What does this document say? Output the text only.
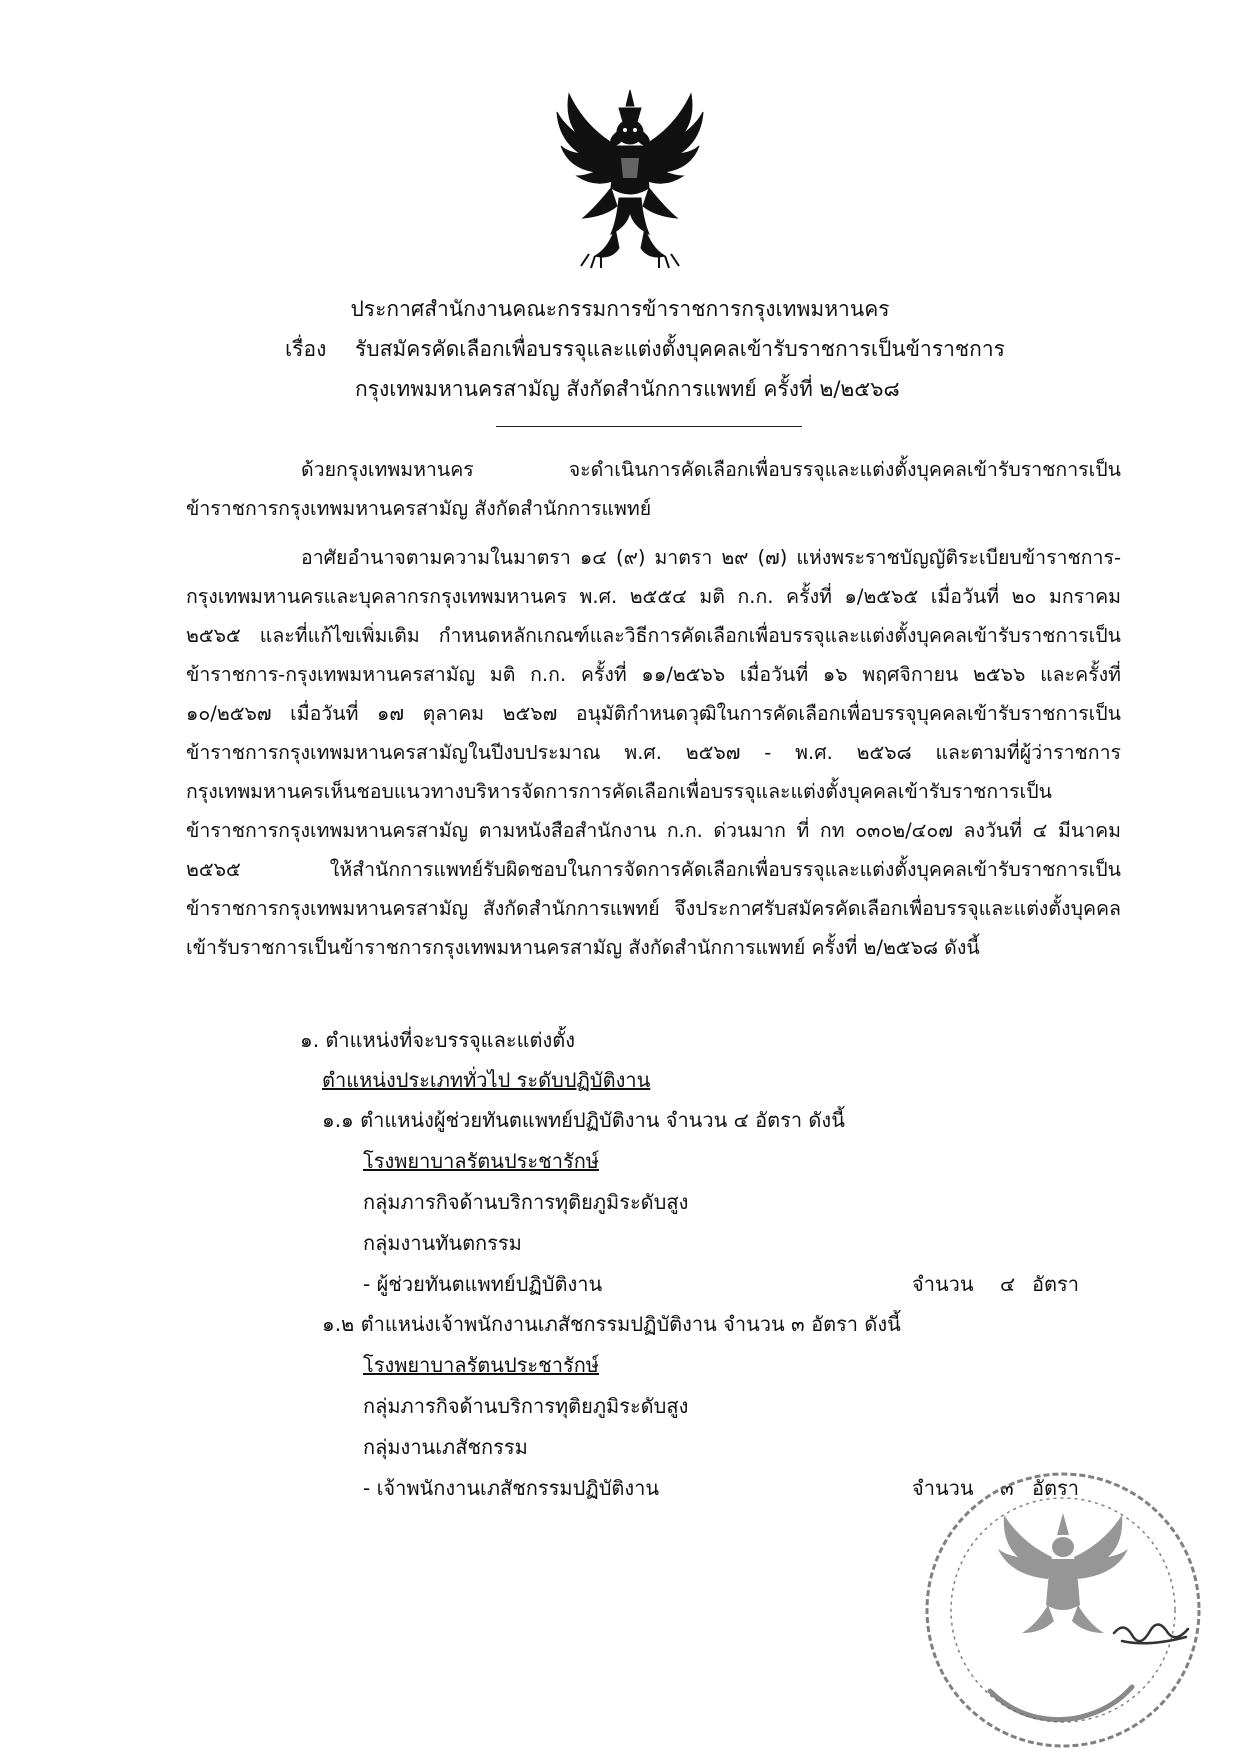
ประกาศสำนักงานคณะกรรมการข้าราชการกรุงเทพมหานคร
เรื่อง รับสมัครคัดเลือกเพื่อบรรจุและแต่งตั้งบุคคลเข้ารับราชการเป็นข้าราชการ
กรุงเทพมหานครสามัญ สังกัดสำนักการแพทย์ ครั้งที่ ๒/๒๕๖๘
ด้วยกรุงเทพมหานคร จะดำเนินการคัดเลือกเพื่อบรรจุและแต่งตั้งบุคคลเข้ารับราชการเป็นข้าราชการกรุงเทพมหานครสามัญ สังกัดสำนักการแพทย์
อาศัยอำนาจตามความในมาตรา ๑๔ (๙) มาตรา ๒๙ (๗) แห่งพระราชบัญญัติระเบียบข้าราชการ-กรุงเทพมหานครและบุคลากรกรุงเทพมหานคร พ.ศ. ๒๕๕๔ มติ ก.ก. ครั้งที่ ๑/๒๕๖๕ เมื่อวันที่ ๒๐ มกราคม ๒๕๖๕ และที่แก้ไขเพิ่มเติม กำหนดหลักเกณฑ์และวิธีการคัดเลือกเพื่อบรรจุและแต่งตั้งบุคคลเข้ารับราชการเป็นข้าราชการ-กรุงเทพมหานครสามัญ มติ ก.ก. ครั้งที่ ๑๑/๒๕๖๖ เมื่อวันที่ ๑๖ พฤศจิกายน ๒๕๖๖ และครั้งที่ ๑๐/๒๕๖๗ เมื่อวันที่ ๑๗ ตุลาคม ๒๕๖๗ อนุมัติกำหนดวุฒิในการคัดเลือกเพื่อบรรจุบุคคลเข้ารับราชการเป็นข้าราชการกรุงเทพมหานครสามัญในปีงบประมาณ พ.ศ. ๒๕๖๗ - พ.ศ. ๒๕๖๘ และตามที่ผู้ว่าราชการกรุงเทพมหานครเห็นชอบแนวทางบริหารจัดการการคัดเลือกเพื่อบรรจุและแต่งตั้งบุคคลเข้ารับราชการเป็นข้าราชการกรุงเทพมหานครสามัญ ตามหนังสือสำนักงาน ก.ก. ด่วนมาก ที่ กท ๐๓๐๒/๔๐๗ ลงวันที่ ๔ มีนาคม ๒๕๖๕ ให้สำนักการแพทย์รับผิดชอบในการจัดการคัดเลือกเพื่อบรรจุและแต่งตั้งบุคคลเข้ารับราชการเป็นข้าราชการกรุงเทพมหานครสามัญ สังกัดสำนักการแพทย์ จึงประกาศรับสมัครคัดเลือกเพื่อบรรจุและแต่งตั้งบุคคลเข้ารับราชการเป็นข้าราชการกรุงเทพมหานครสามัญ สังกัดสำนักการแพทย์ ครั้งที่ ๒/๒๕๖๘ ดังนี้
๑. ตำแหน่งที่จะบรรจุและแต่งตั้ง
ตำแหน่งประเภททั่วไป ระดับปฏิบัติงาน
๑.๑ ตำแหน่งผู้ช่วยทันตแพทย์ปฏิบัติงาน จำนวน ๔ อัตรา ดังนี้
โรงพยาบาลรัตนประชารักษ์
กลุ่มภารกิจด้านบริการทุติยภูมิระดับสูง
กลุ่มงานทันตกรรม
- ผู้ช่วยทันตแพทย์ปฏิบัติงาน	จำนวน ๔ อัตรา
๑.๒ ตำแหน่งเจ้าพนักงานเภสัชกรรมปฏิบัติงาน จำนวน ๓ อัตรา ดังนี้
โรงพยาบาลรัตนประชารักษ์
กลุ่มภารกิจด้านบริการทุติยภูมิระดับสูง
กลุ่มงานเภสัชกรรม
- เจ้าพนักงานเภสัชกรรมปฏิบัติงาน	จำนวน ๓ อัตรา
